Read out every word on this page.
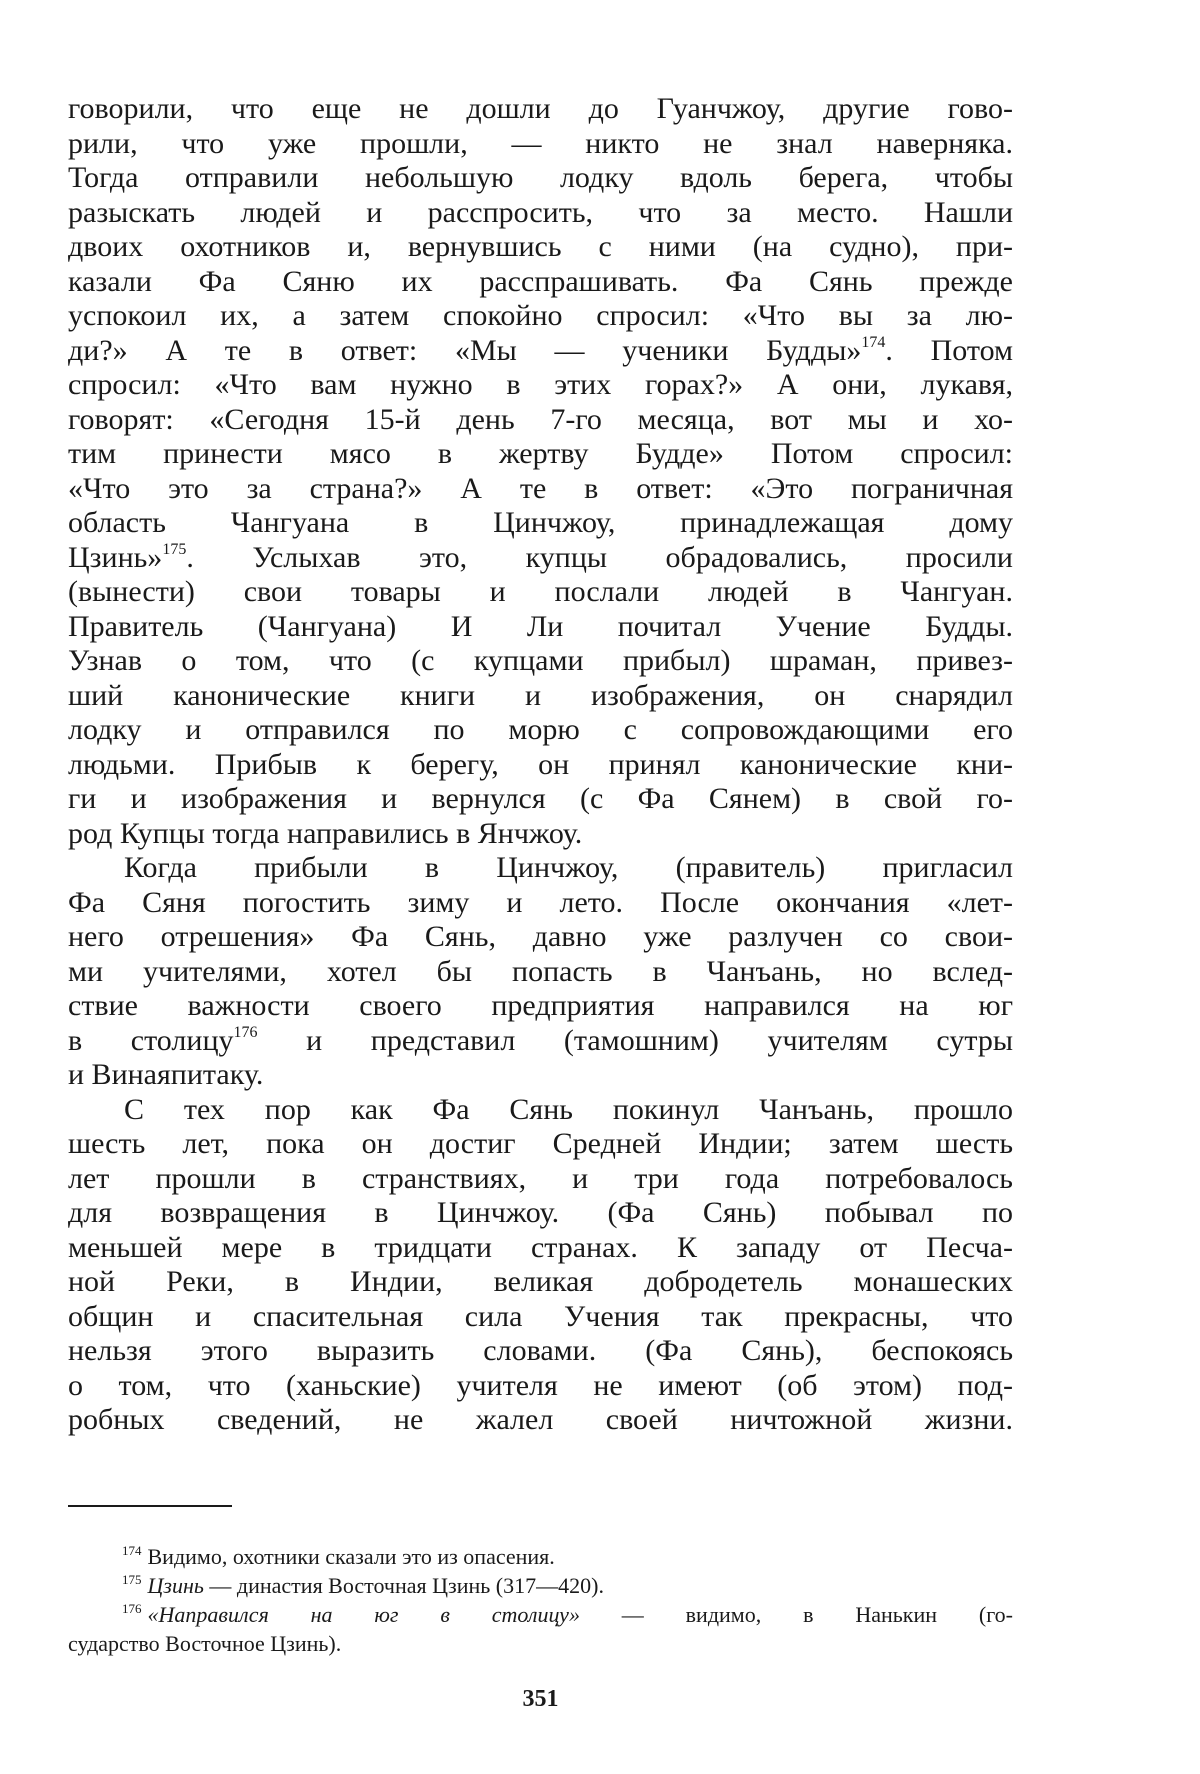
говорили, что еще не дошли до Гуанчжоу, другие гово-
рили, что уже прошли, — никто не знал наверняка.
Тогда отправили небольшую лодку вдоль берега, чтобы
разыскать людей и расспросить, что за место. Нашли
двоих охотников и, вернувшись с ними (на судно), при-
казали Фа Сяню их расспрашивать. Фа Сянь прежде
успокоил их, а затем спокойно спросил: «Что вы за лю-
ди?» А те в ответ: «Мы — ученики Будды»$^{174}$. Потом
спросил: «Что вам нужно в этих горах?» А они, лукавя,
говорят: «Сегодня 15-й день 7-го месяца, вот мы и хо-
тим принести мясо в жертву Будде» Потом спросил:
«Что это за страна?» А те в ответ: «Это пограничная
область Чангуана в Цинчжоу, принадлежащая дому
Цзинь»$^{175}$. Услыхав это, купцы обрадовались, просили
(вынести) свои товары и послали людей в Чангуан.
Правитель (Чангуана) И Ли почитал Учение Будды.
Узнав о том, что (с купцами прибыл) шраман, привез-
ший канонические книги и изображения, он снарядил
лодку и отправился по морю с сопровождающими его
людьми. Прибыв к берегу, он принял канонические кни-
ги и изображения и вернулся (с Фа Сянем) в свой го-
род Купцы тогда направились в Янчжоу.
Когда прибыли в Цинчжоу, (правитель) пригласил
Фа Сяня погостить зиму и лето. После окончания «лет-
него отрешения» Фа Сянь, давно уже разлучен со свои-
ми учителями, хотел бы попасть в Чанъань, но вслед-
ствие важности своего предприятия направился на юг
в столицу$^{176}$ и представил (тамошним) учителям сутры
и Винаяпитаку.
С тех пор как Фа Сянь покинул Чанъань, прошло
шесть лет, пока он достиг Средней Индии; затем шесть
лет прошли в странствиях, и три года потребовалось
для возвращения в Цинчжоу. (Фа Сянь) побывал по
меньшей мере в тридцати странах. К западу от Песча-
ной Реки, в Индии, великая добродетель монашеских
общин и спасительная сила Учения так прекрасны, что
нельзя этого выразить словами. (Фа Сянь), беспокоясь
о том, что (ханьские) учителя не имеют (об этом) под-
робных сведений, не жалел своей ничтожной жизни.
$^{174}$ Видимо, охотники сказали это из опасения.
$^{175}$ Цзинь — династия Восточная Цзинь (317—420).
$^{176}$ «Направился на юг в столицу» — видимо, в Нанькин (го-
сударство Восточное Цзинь).
351
